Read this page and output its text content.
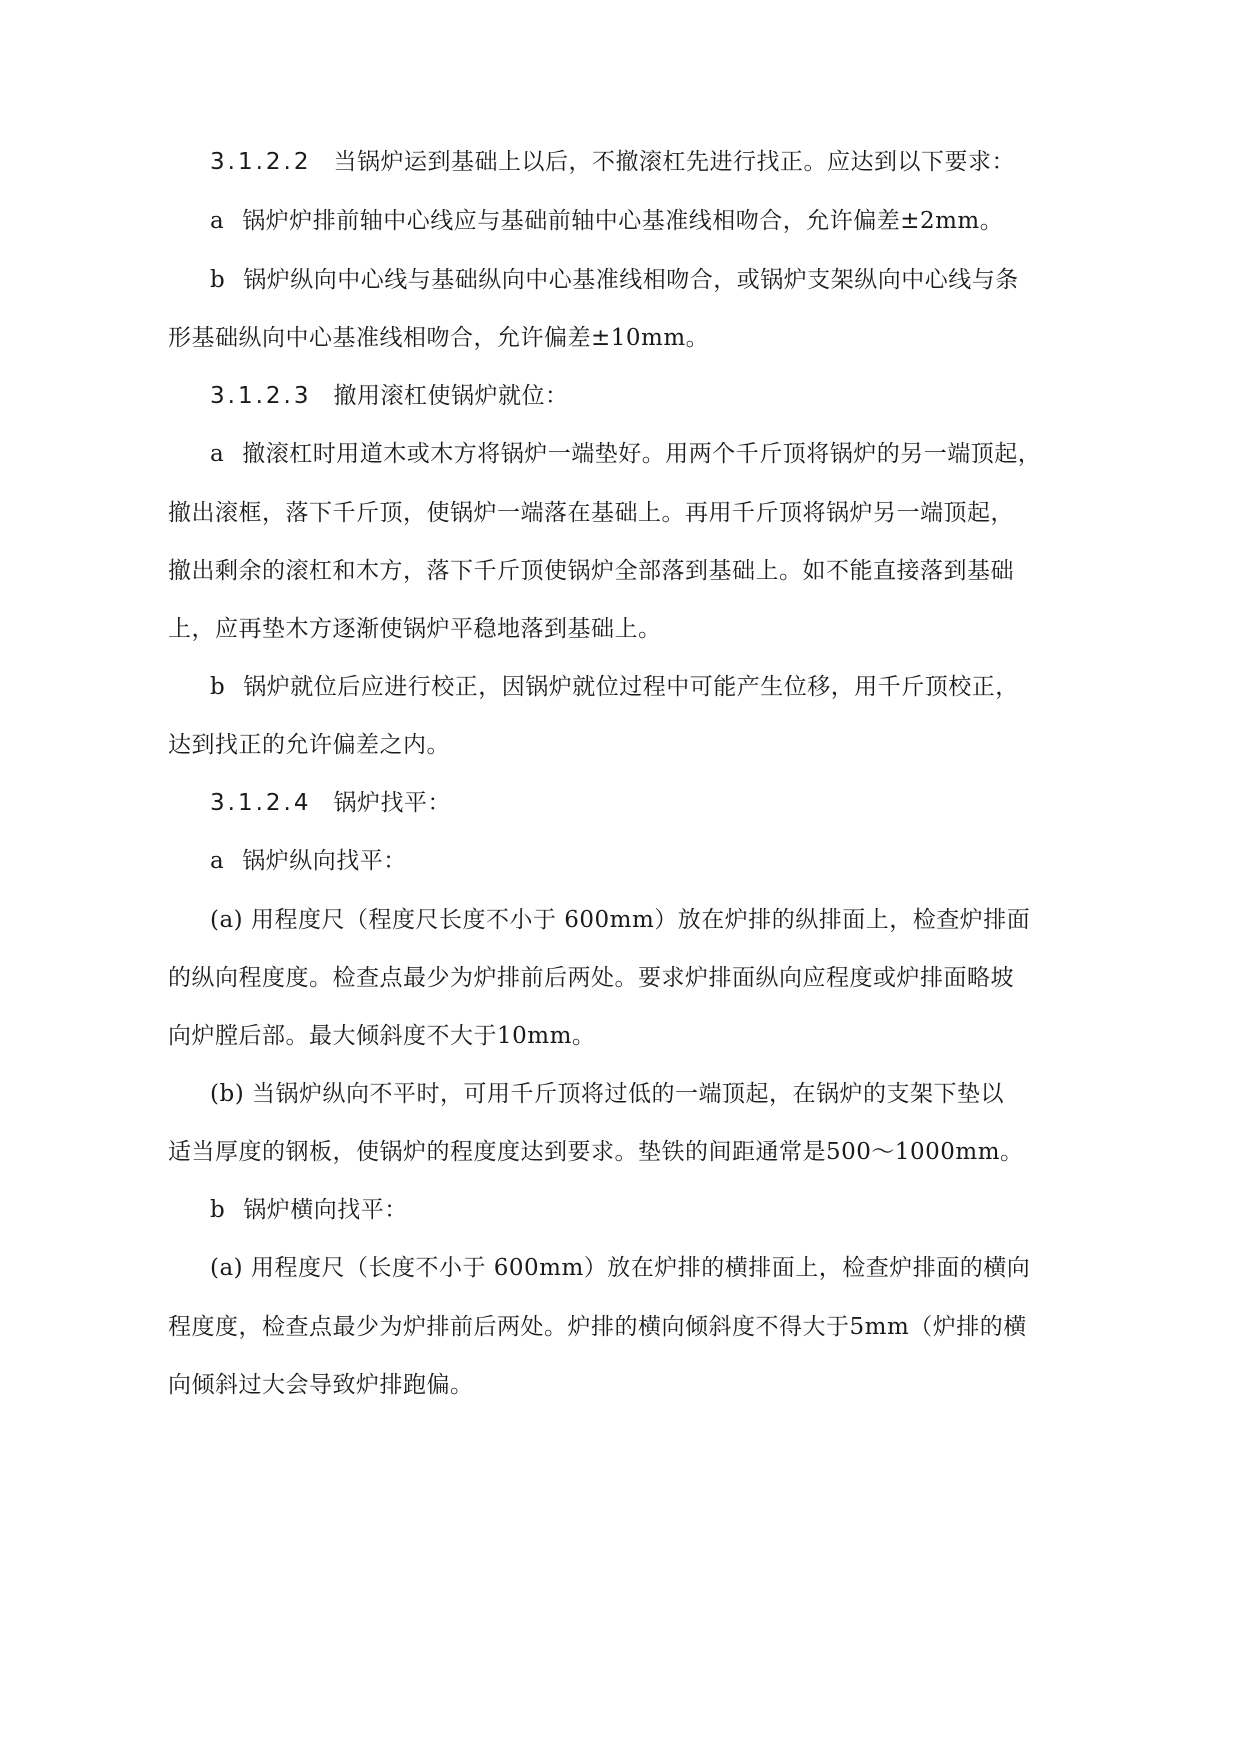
3.1.2.2 当锅炉运到基础上以后，不撤滚杠先进行找正。应达到以下要求：
a 锅炉炉排前轴中心线应与基础前轴中心基准线相吻合，允许偏差±2mm。
b 锅炉纵向中心线与基础纵向中心基准线相吻合，或锅炉支架纵向中心线与条
形基础纵向中心基准线相吻合，允许偏差±10mm。
3.1.2.3 撤用滚杠使锅炉就位：
a 撤滚杠时用道木或木方将锅炉一端垫好。用两个千斤顶将锅炉的另一端顶起，
撤出滚框，落下千斤顶，使锅炉一端落在基础上。再用千斤顶将锅炉另一端顶起，
撤出剩余的滚杠和木方，落下千斤顶使锅炉全部落到基础上。如不能直接落到基础
上，应再垫木方逐渐使锅炉平稳地落到基础上。
b 锅炉就位后应进行校正，因锅炉就位过程中可能产生位移，用千斤顶校正，
达到找正的允许偏差之内。
3.1.2.4 锅炉找平：
a 锅炉纵向找平：
(a) 用程度尺（程度尺长度不小于 600mm）放在炉排的纵排面上，检查炉排面
的纵向程度度。检查点最少为炉排前后两处。要求炉排面纵向应程度或炉排面略坡
向炉膛后部。最大倾斜度不大于10mm。
(b) 当锅炉纵向不平时，可用千斤顶将过低的一端顶起，在锅炉的支架下垫以
适当厚度的钢板，使锅炉的程度度达到要求。垫铁的间距通常是500～1000mm。
b 锅炉横向找平：
(a) 用程度尺（长度不小于 600mm）放在炉排的横排面上，检查炉排面的横向
程度度，检查点最少为炉排前后两处。炉排的横向倾斜度不得大于5mm（炉排的横
向倾斜过大会导致炉排跑偏。
